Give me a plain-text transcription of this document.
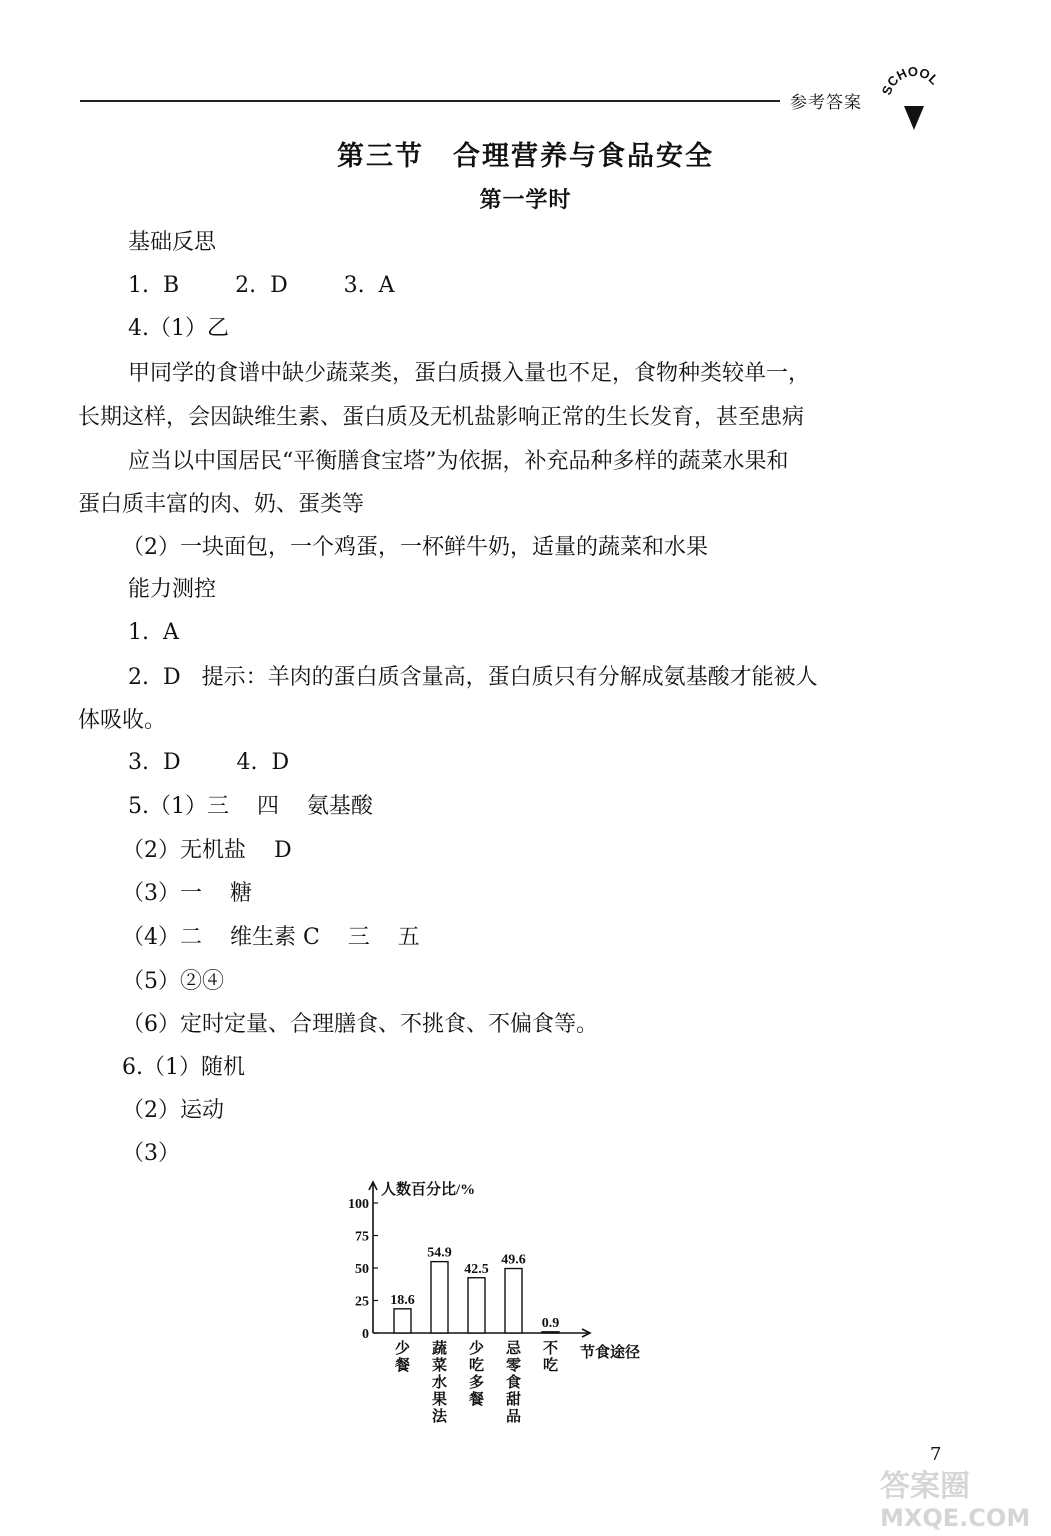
参考答案
SCHOOL
第三节　合理营养与食品安全
第一学时
基础反思
1.  B        2.  D        3.  A
4.（1）乙
甲同学的食谱中缺少蔬菜类，蛋白质摄入量也不足，食物种类较单一，
长期这样，会因缺维生素、蛋白质及无机盐影响正常的生长发育，甚至患病
应当以中国居民“平衡膳食宝塔”为依据，补充品种多样的蔬菜水果和
蛋白质丰富的肉、奶、蛋类等
（2）一块面包，一个鸡蛋，一杯鲜牛奶，适量的蔬菜和水果
能力测控
1.  A
2.  D   提示：羊肉的蛋白质含量高，蛋白质只有分解成氨基酸才能被人
体吸收。
3.  D        4.  D
5.（1）三    四    氨基酸
（2）无机盐    D
（3）一    糖
（4）二    维生素 C    三    五
（5）②④
（6）定时定量、合理膳食、不挑食、不偏食等。
6.（1）随机
（2）运动
（3）
人数百分比/%
节食途径
0
25
50
75
100
18.6
少餐
54.9
蔬菜水果法
42.5
少吃多餐
49.6
忌零食甜品
0.9
不吃
7
答案圈
MXQE.COM
